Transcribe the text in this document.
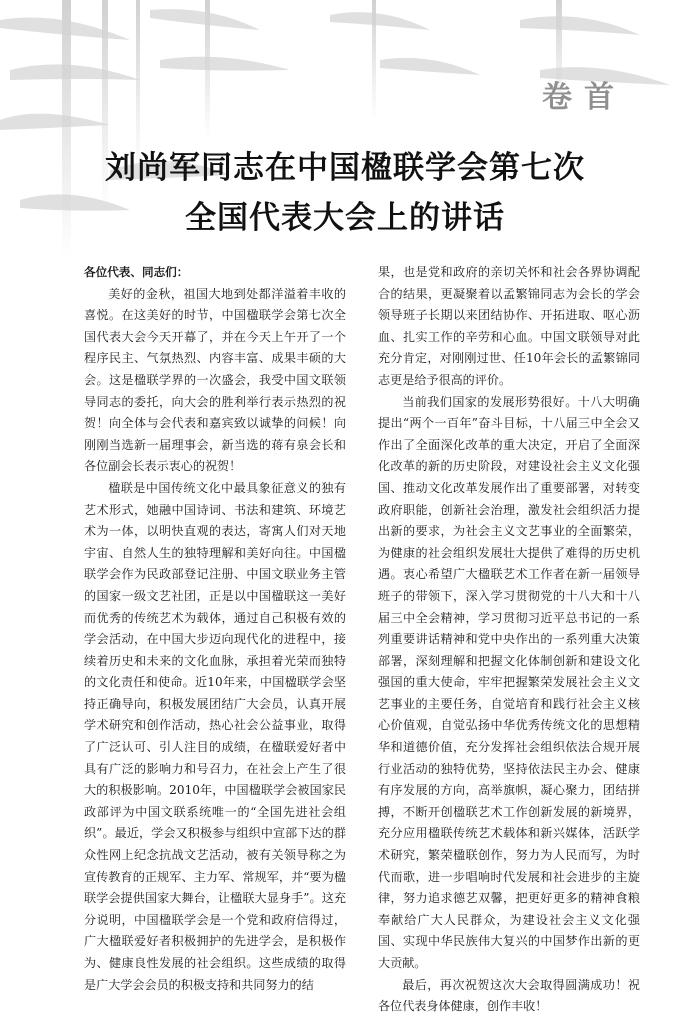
卷首
刘尚军同志在中国楹联学会第七次
全国代表大会上的讲话

各位代表、同志们：

美好的金秋，祖国大地到处都洋溢着丰收的喜悦。在这美好的时节，中国楹联学会第七次全国代表大会今天开幕了，并在今天上午开了一个程序民主、气氛热烈、内容丰富、成果丰硕的大会。这是楹联学界的一次盛会，我受中国文联领导同志的委托，向大会的胜利举行表示热烈的祝贺！向全体与会代表和嘉宾致以诚挚的问候！向刚刚当选新一届理事会，新当选的蒋有泉会长和各位副会长表示衷心的祝贺！

楹联是中国传统文化中最具象征意义的独有艺术形式，她融中国诗词、书法和建筑、环境艺术为一体，以明快直观的表达，寄寓人们对天地宇宙、自然人生的独特理解和美好向往。中国楹联学会作为民政部登记注册、中国文联业务主管的国家一级文艺社团，正是以中国楹联这一美好而优秀的传统艺术为载体，通过自己积极有效的学会活动，在中国大步迈向现代化的进程中，接续着历史和未来的文化血脉，承担着光荣而独特的文化责任和使命。近10年来，中国楹联学会坚持正确导向，积极发展团结广大会员，认真开展学术研究和创作活动，热心社会公益事业，取得了广泛认可、引人注目的成绩，在楹联爱好者中具有广泛的影响力和号召力，在社会上产生了很大的积极影响。2010年，中国楹联学会被国家民政部评为中国文联系统唯一的“全国先进社会组织”。最近，学会又积极参与组织中宣部下达的群众性网上纪念抗战文艺活动，被有关领导称之为宣传教育的正规军、主力军、常规军，并“要为楹联学会提供国家大舞台，让楹联大显身手”。这充分说明，中国楹联学会是一个党和政府信得过，广大楹联爱好者积极拥护的先进学会，是积极作为、健康良性发展的社会组织。这些成绩的取得是广大学会会员的积极支持和共同努力的结

果，也是党和政府的亲切关怀和社会各界协调配合的结果，更凝聚着以孟繁锦同志为会长的学会领导班子长期以来团结协作、开拓进取、呕心沥血、扎实工作的辛劳和心血。中国文联领导对此充分肯定，对刚刚过世、任10年会长的孟繁锦同志更是给予很高的评价。

当前我们国家的发展形势很好。十八大明确提出“两个一百年”奋斗目标，十八届三中全会又作出了全面深化改革的重大决定，开启了全面深化改革的新的历史阶段，对建设社会主义文化强国、推动文化改革发展作出了重要部署，对转变政府职能，创新社会治理，激发社会组织活力提出新的要求，为社会主义文艺事业的全面繁荣，为健康的社会组织发展壮大提供了难得的历史机遇。衷心希望广大楹联艺术工作者在新一届领导班子的带领下，深入学习贯彻党的十八大和十八届三中全会精神，学习贯彻习近平总书记的一系列重要讲话精神和党中央作出的一系列重大决策部署，深刻理解和把握文化体制创新和建设文化强国的重大使命，牢牢把握繁荣发展社会主义文艺事业的主要任务，自觉培育和践行社会主义核心价值观，自觉弘扬中华优秀传统文化的思想精华和道德价值，充分发挥社会组织依法合规开展行业活动的独特优势，坚持依法民主办会、健康有序发展的方向，高举旗帜，凝心聚力，团结拼搏，不断开创楹联艺术工作创新发展的新境界，充分应用楹联传统艺术载体和新兴媒体，活跃学术研究，繁荣楹联创作，努力为人民而写，为时代而歌，进一步唱响时代发展和社会进步的主旋律，努力追求德艺双馨，把更好更多的精神食粮奉献给广大人民群众，为建设社会主义文化强国、实现中华民族伟大复兴的中国梦作出新的更大贡献。

最后，再次祝贺这次大会取得圆满成功！祝各位代表身体健康，创作丰收！
